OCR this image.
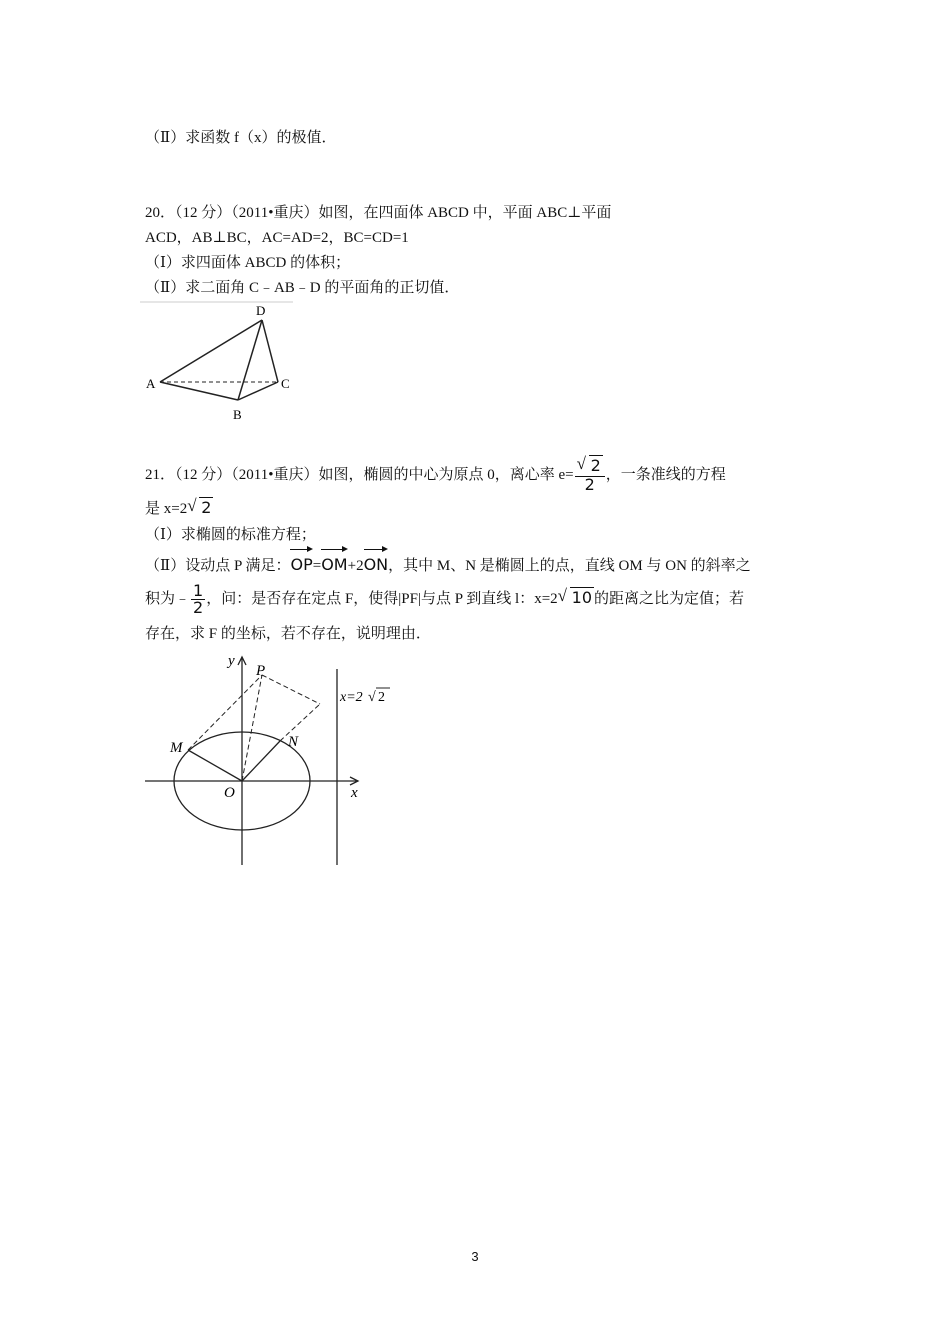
（Ⅱ）求函数 f（x）的极值．
20．（12 分）（2011•重庆）如图，在四面体 ABCD 中，平面 ABC⊥平面
ACD，AB⊥BC，AC=AD=2，BC=CD=1
（Ⅰ）求四面体 ABCD 的体积；
（Ⅱ）求二面角 C﹣AB﹣D 的平面角的正切值．
D
A	C
B
21．（12 分）（2011•重庆）如图，椭圆的中心为原点 0，离心率 e= √ $\frac{2}{2}$ ，一条准线的方程
是 x=2 √ 2
（Ⅰ）求椭圆的标准方程；
（Ⅱ）设动点 P 满足：OP=OM+2ON，其中 M、N 是椭圆上的点，直线 OM 与 ON 的斜率之
积为﹣ $\frac{1}{2}$ ，问：是否存在定点 F，使得|PF|与点 P 到直线 l：x=2 √ 10 的距离之比为定值；若
存在，求 F 的坐标，若不存在，说明理由．
y
P
M	N
O	x
x=2 √ 2
3
